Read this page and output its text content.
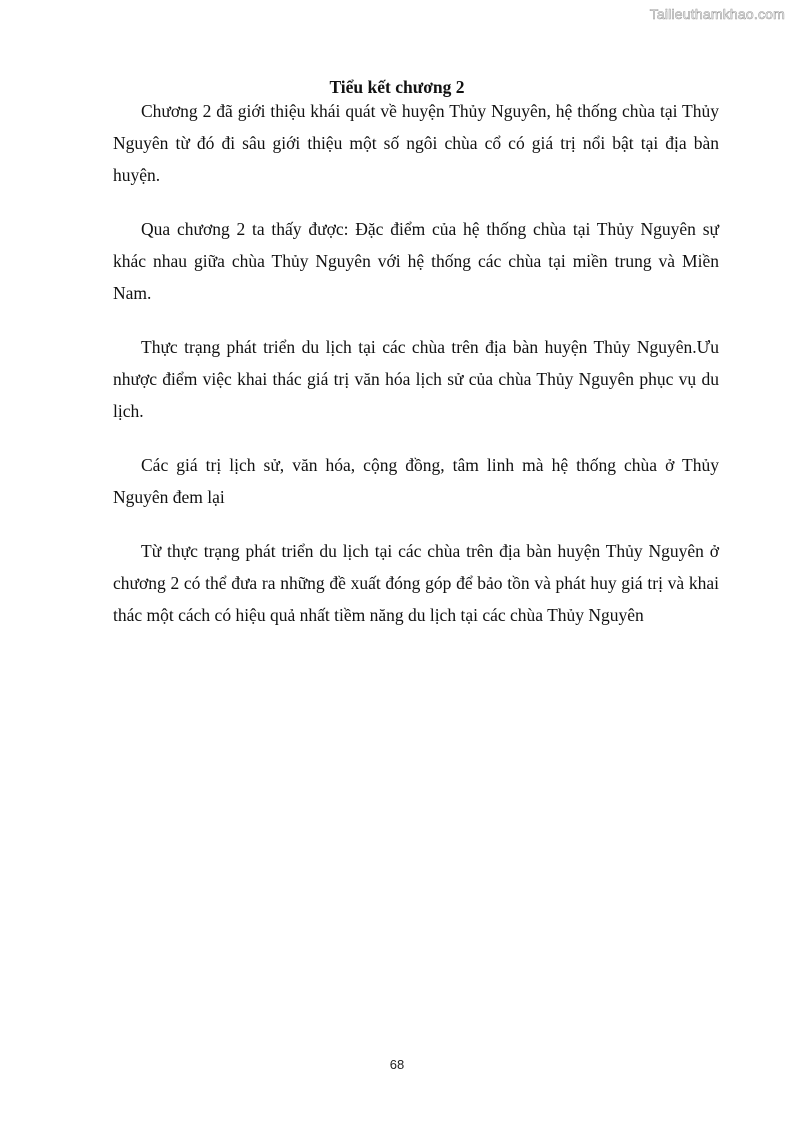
Tailieuthamkhao.com
Tiểu kết chương 2

Chương 2 đã giới thiệu khái quát về huyện Thủy Nguyên, hệ thống chùa tại Thủy Nguyên từ đó đi sâu giới thiệu một số ngôi chùa cổ có giá trị nổi bật tại địa bàn huyện.

Qua chương 2 ta thấy được: Đặc điểm của hệ thống chùa tại Thủy Nguyên sự khác nhau giữa chùa Thủy Nguyên với hệ thống các chùa tại miền trung và Miền Nam.

Thực trạng phát triển du lịch tại các chùa trên địa bàn huyện Thủy Nguyên.Ưu nhược điểm việc khai thác giá trị văn hóa lịch sử của chùa Thủy Nguyên phục vụ du lịch.

Các giá trị lịch sử, văn hóa, cộng đồng, tâm linh mà hệ thống chùa ở Thủy Nguyên đem lại

Từ thực trạng phát triển du lịch tại các chùa trên địa bàn huyện Thủy Nguyên ở chương 2 có thể đưa ra những đề xuất đóng góp để bảo tồn và phát huy giá trị và khai thác một cách có hiệu quả nhất tiềm năng du lịch tại các chùa Thủy Nguyên

68
